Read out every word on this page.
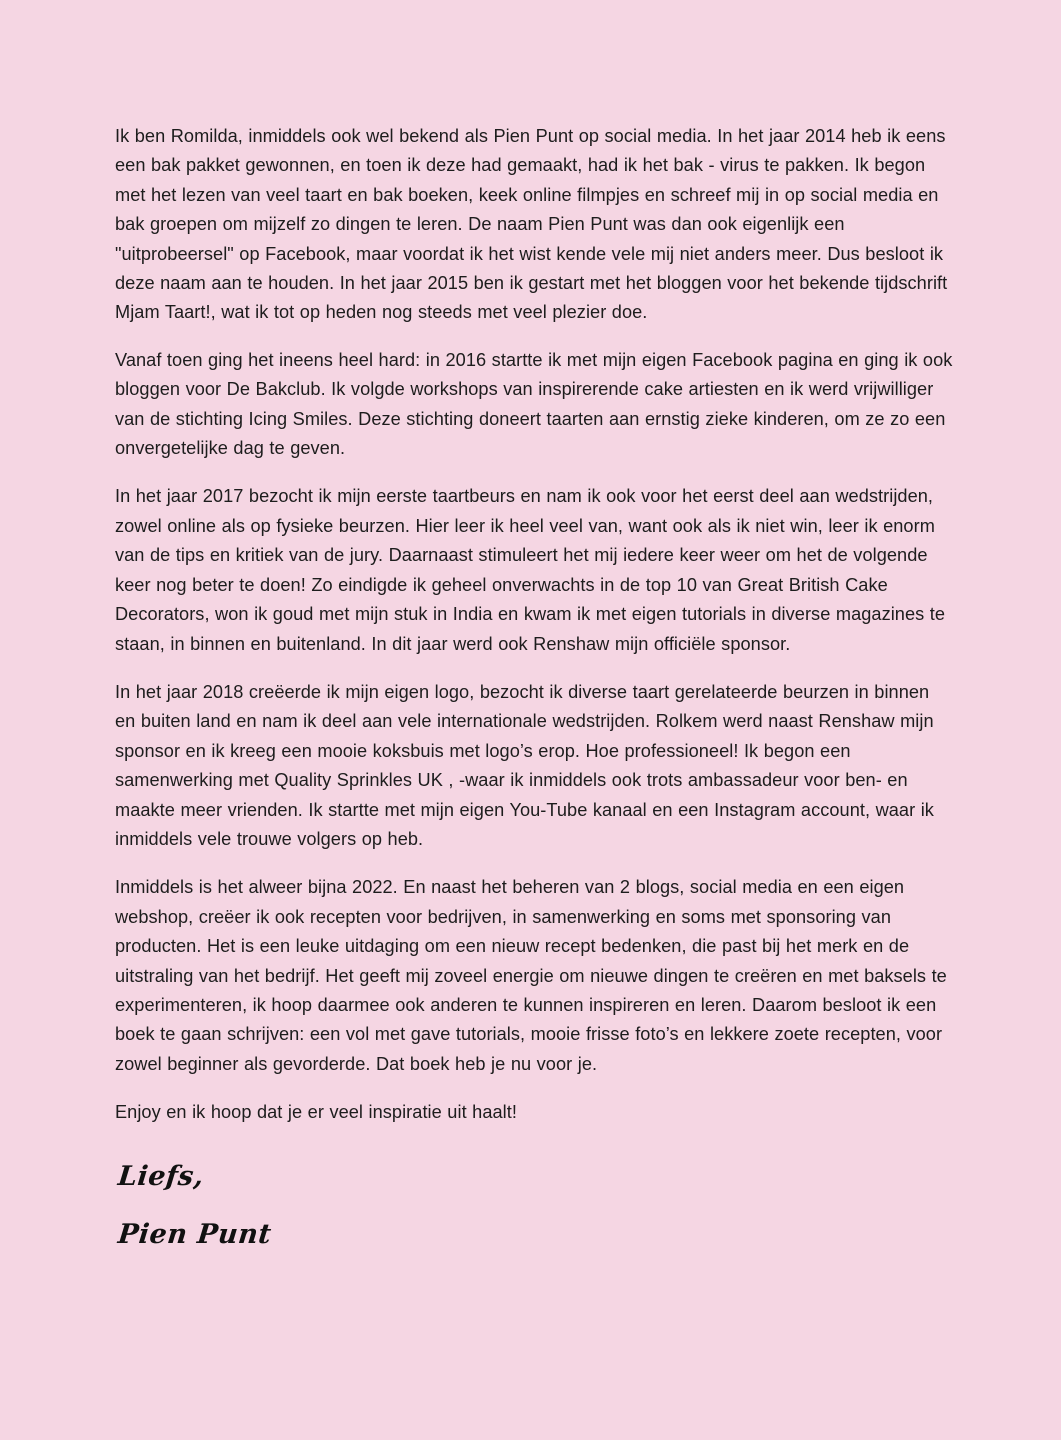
Ik ben Romilda, inmiddels ook wel bekend als Pien Punt op social media. In het jaar 2014 heb ik eens een bak pakket gewonnen, en toen ik deze had gemaakt, had ik het bak - virus te pakken. Ik begon met het lezen van veel taart en bak boeken, keek online filmpjes en schreef mij in op social media en bak groepen om mijzelf zo dingen te leren. De naam Pien Punt was dan ook eigenlijk een "uitprobeersel" op Facebook, maar voordat ik het wist kende vele mij niet anders meer. Dus besloot ik deze naam aan te houden. In het jaar 2015 ben ik gestart met het bloggen voor het bekende tijdschrift Mjam Taart!, wat ik tot op heden nog steeds met veel plezier doe.

Vanaf toen ging het ineens heel hard: in 2016 startte ik met mijn eigen Facebook pagina en ging ik ook bloggen voor De Bakclub. Ik volgde workshops van inspirerende cake artiesten en ik werd vrijwilliger van de stichting Icing Smiles. Deze stichting doneert taarten aan ernstig zieke kinderen, om ze zo een onvergetelijke dag te geven.

In het jaar 2017 bezocht ik mijn eerste taartbeurs en nam ik ook voor het eerst deel aan wedstrijden, zowel online als op fysieke beurzen. Hier leer ik heel veel van, want ook als ik niet win, leer ik enorm van de tips en kritiek van de jury. Daarnaast stimuleert het mij iedere keer weer om het de volgende keer nog beter te doen! Zo eindigde ik geheel onverwachts in de top 10 van Great British Cake Decorators, won ik goud met mijn stuk in India en kwam ik met eigen tutorials in diverse magazines te staan, in binnen en buitenland. In dit jaar werd ook Renshaw mijn officiële sponsor.

In het jaar 2018 creëerde ik mijn eigen logo, bezocht ik diverse taart gerelateerde beurzen in binnen en buiten land en nam ik deel aan vele internationale wedstrijden. Rolkem werd naast Renshaw mijn sponsor en ik kreeg een mooie koksbuis met logo’s erop. Hoe professioneel! Ik begon een samenwerking met Quality Sprinkles UK , -waar ik inmiddels ook trots ambassadeur voor ben- en maakte meer vrienden. Ik startte met mijn eigen You-Tube kanaal en een Instagram account, waar ik inmiddels vele trouwe volgers op heb.

Inmiddels is het alweer bijna 2022. En naast het beheren van 2 blogs, social media en een eigen webshop, creëer ik ook recepten voor bedrijven, in samenwerking en soms met sponsoring van producten. Het is een leuke uitdaging om een nieuw recept bedenken, die past bij het merk en de uitstraling van het bedrijf. Het geeft mij zoveel energie om nieuwe dingen te creëren en met baksels te experimenteren, ik hoop daarmee ook anderen te kunnen inspireren en leren. Daarom besloot ik een boek te gaan schrijven: een vol met gave tutorials, mooie frisse foto’s en lekkere zoete recepten, voor zowel beginner als gevorderde. Dat boek heb je nu voor je.

Enjoy en ik hoop dat je er veel inspiratie uit haalt!

Liefs,
Pien Punt
